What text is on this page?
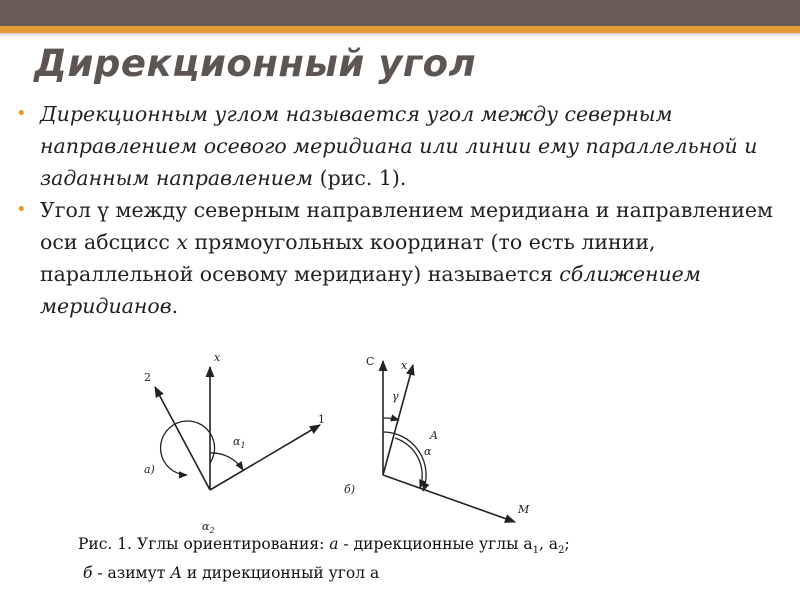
Дирекционный угол
• Дирекционным углом называется угол между северным направлением осевого меридиана или линии ему параллельной и заданным направлением (рис. 1).
• Угол ү между северным направлением меридиана и направлением оси абсцисс x прямоугольных координат (то есть линии, параллельной осевому меридиану) называется сближением меридианов.
x
1
2
$\alpha_1$
$\alpha_2$
а)
С x
γ
A
α
M
б)
Рис. 1. Углы ориентирования: а - дирекционные углы $а_1$, $а_2$;
б - азимут А и дирекционный угол а
